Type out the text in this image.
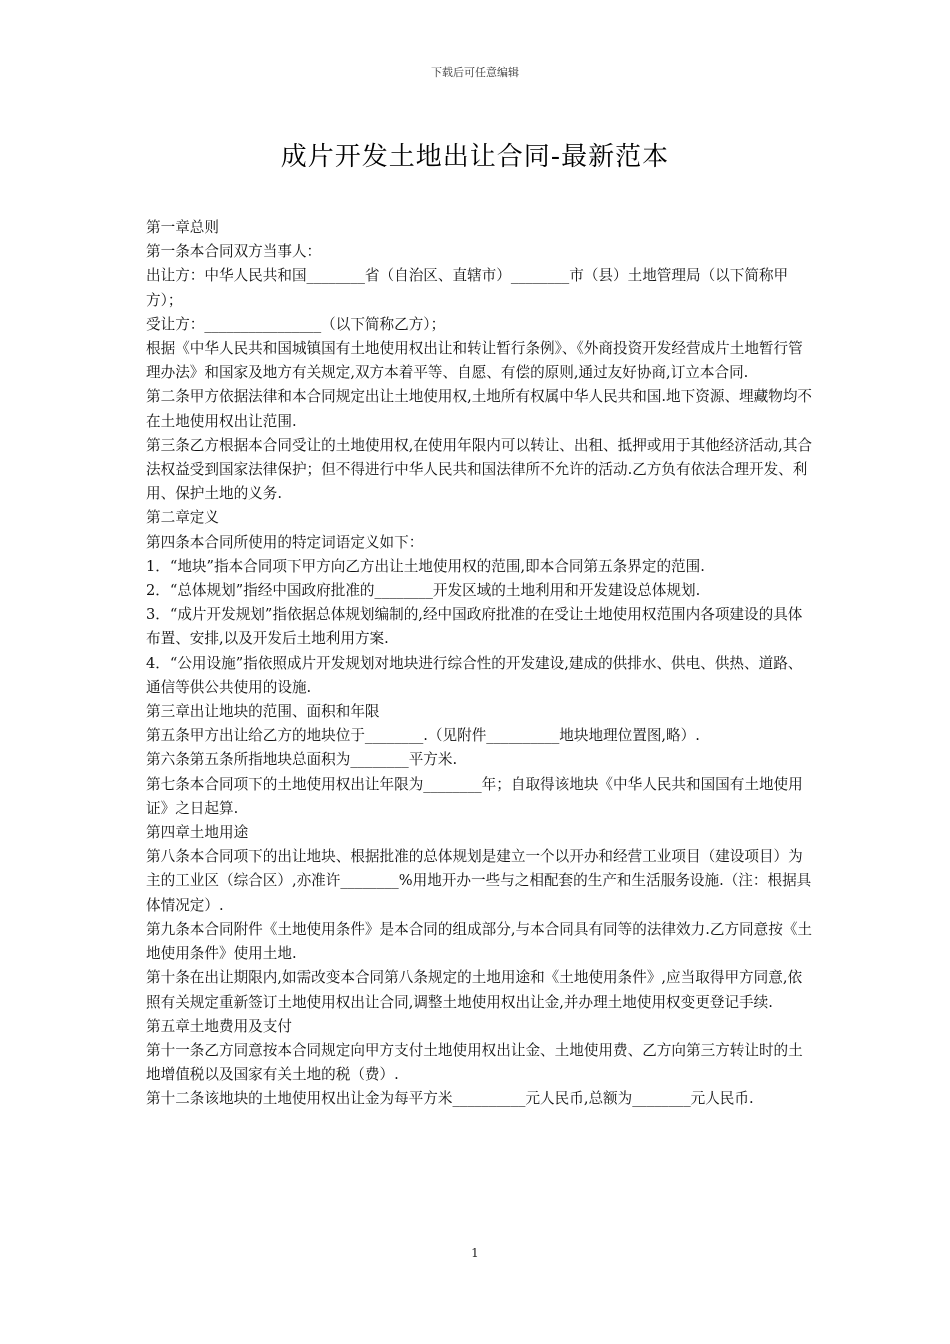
下载后可任意编辑
成片开发土地出让合同-最新范本

第一章总则

第一条本合同双方当事人：

出让方：中华人民共和国________省（自治区、直辖市）________市（县）土地管理局（以下简称甲方）；

受让方：________________（以下简称乙方）；

根据《中华人民共和国城镇国有土地使用权出让和转让暂行条例》、《外商投资开发经营成片土地暂行管理办法》和国家及地方有关规定,双方本着平等、自愿、有偿的原则,通过友好协商,订立本合同.

第二条甲方依据法律和本合同规定出让土地使用权,土地所有权属中华人民共和国.地下资源、埋藏物均不在土地使用权出让范围.

第三条乙方根据本合同受让的土地使用权,在使用年限内可以转让、出租、抵押或用于其他经济活动,其合法权益受到国家法律保护；但不得进行中华人民共和国法律所不允许的活动.乙方负有依法合理开发、利用、保护土地的义务.

第二章定义

第四条本合同所使用的特定词语定义如下：

1．“地块”指本合同项下甲方向乙方出让土地使用权的范围,即本合同第五条界定的范围.

2．“总体规划”指经中国政府批准的________开发区域的土地利用和开发建设总体规划.

3．“成片开发规划”指依据总体规划编制的,经中国政府批准的在受让土地使用权范围内各项建设的具体布置、安排,以及开发后土地利用方案.

4．“公用设施”指依照成片开发规划对地块进行综合性的开发建设,建成的供排水、供电、供热、道路、通信等供公共使用的设施.

第三章出让地块的范围、面积和年限

第五条甲方出让给乙方的地块位于________.（见附件__________地块地理位置图,略）.

第六条第五条所指地块总面积为________平方米.

第七条本合同项下的土地使用权出让年限为________年；自取得该地块《中华人民共和国国有土地使用证》之日起算.

第四章土地用途

第八条本合同项下的出让地块、根据批准的总体规划是建立一个以开办和经营工业项目（建设项目）为主的工业区（综合区）,亦准许________%用地开办一些与之相配套的生产和生活服务设施.（注：根据具体情况定）.

第九条本合同附件《土地使用条件》是本合同的组成部分,与本合同具有同等的法律效力.乙方同意按《土地使用条件》使用土地.

第十条在出让期限内,如需改变本合同第八条规定的土地用途和《土地使用条件》,应当取得甲方同意,依照有关规定重新签订土地使用权出让合同,调整土地使用权出让金,并办理土地使用权变更登记手续.

第五章土地费用及支付

第十一条乙方同意按本合同规定向甲方支付土地使用权出让金、土地使用费、乙方向第三方转让时的土地增值税以及国家有关土地的税（费）.

第十二条该地块的土地使用权出让金为每平方米__________元人民币,总额为________元人民币.

1
